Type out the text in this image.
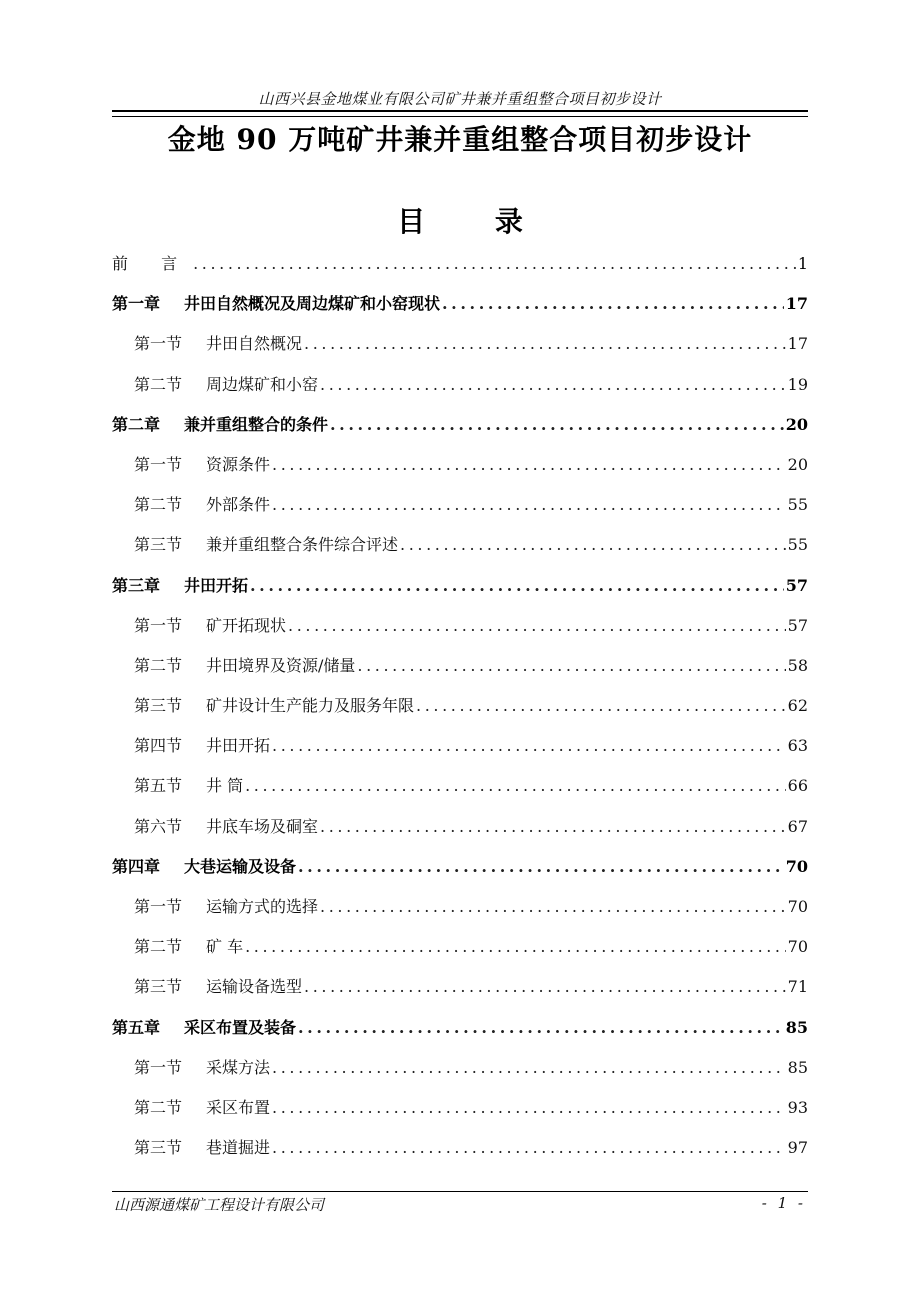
山西兴县金地煤业有限公司矿井兼并重组整合项目初步设计
金地 90 万吨矿井兼并重组整合项目初步设计
目 录
前 言 .....	1
第一章 井田自然概况及周边煤矿和小窑现状 .....	17
第一节 井田自然概况 .....	17
第二节 周边煤矿和小窑 .....	19
第二章 兼并重组整合的条件 .....	20
第一节 资源条件 .....	20
第二节 外部条件 .....	55
第三节 兼并重组整合条件综合评述 .....	55
第三章 井田开拓 .....	57
第一节 矿开拓现状 .....	57
第二节 井田境界及资源/储量 .....	58
第三节 矿井设计生产能力及服务年限 .....	62
第四节 井田开拓 .....	63
第五节 井 筒 .....	66
第六节 井底车场及硐室 .....	67
第四章 大巷运输及设备 .....	70
第一节 运输方式的选择 .....	70
第二节 矿 车 .....	70
第三节 运输设备选型 .....	71
第五章 采区布置及装备 .....	85
第一节 采煤方法 .....	85
第二节 采区布置 .....	93
第三节 巷道掘进 .....	97
山西源通煤矿工程设计有限公司	- 1 -
